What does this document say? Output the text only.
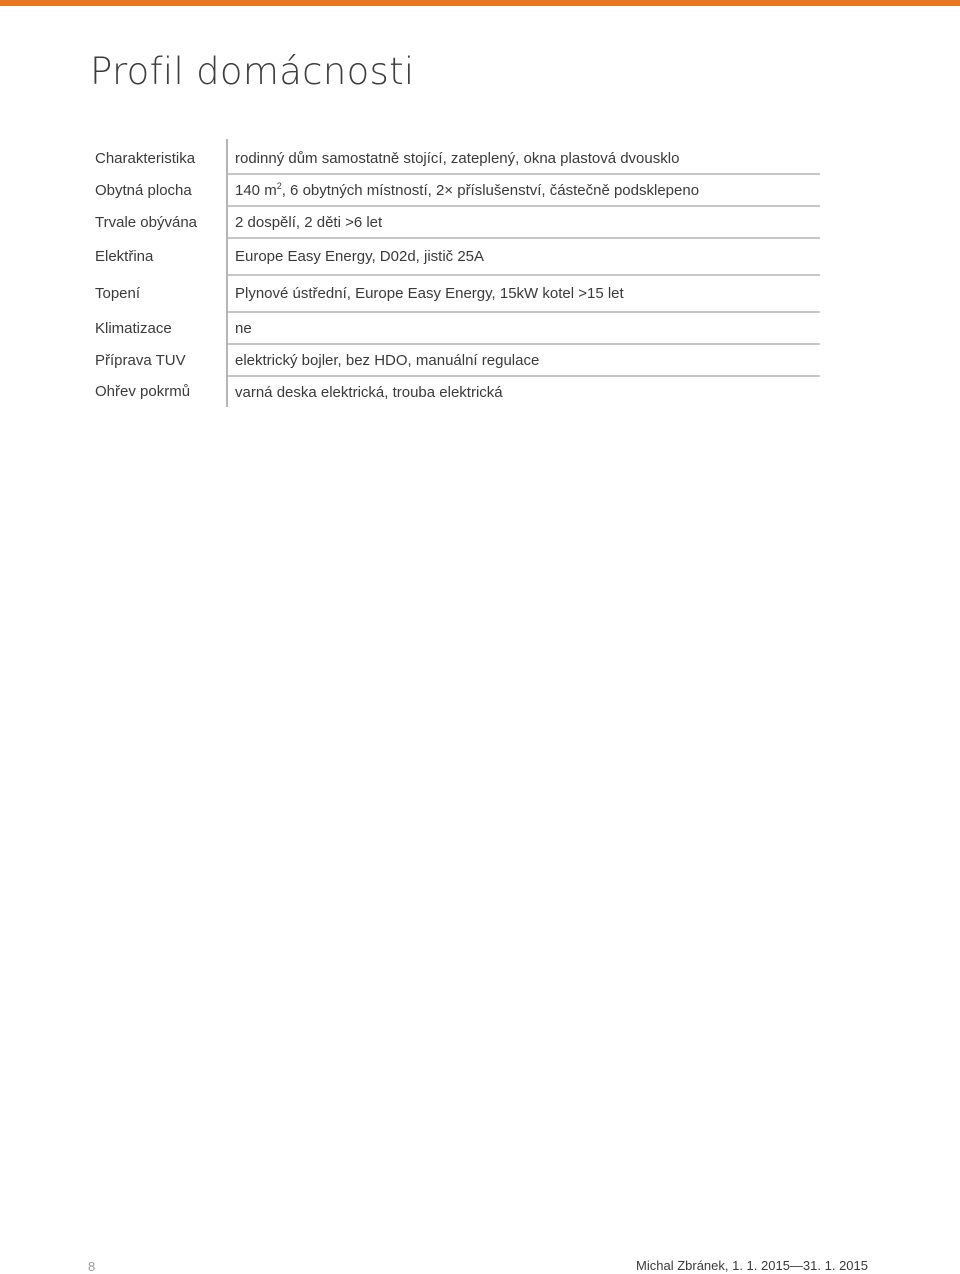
Profil domácnosti
Charakteristika	rodinný dům samostatně stojící, zateplený, okna plastová dvousklo
Obytná plocha	140 $m^2$, 6 obytných místností, 2× příslušenství, částečně podsklepeno
Trvale obývána	2 dospělí, 2 děti >6 let
Elektřina	Europe Easy Energy, D02d, jistič 25A
Topení	Plynové ústřední, Europe Easy Energy, 15kW kotel >15 let
Klimatizace	ne
Příprava TUV	elektrický bojler, bez HDO, manuální regulace
Ohřev pokrmů	varná deska elektrická, trouba elektrická
8	Michal Zbránek, 1. 1. 2015—31. 1. 2015
